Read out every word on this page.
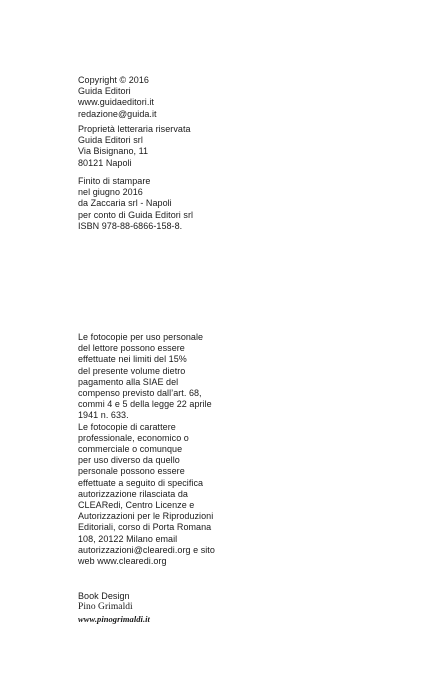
Copyright © 2016
Guida Editori
www.guidaeditori.it
redazione@guida.it
Proprietà letteraria riservata
Guida Editori srl
Via Bisignano, 11
80121 Napoli
Finito di stampare
nel giugno 2016
da Zaccaria srl - Napoli
per conto di Guida Editori srl
ISBN 978-88-6866-158-8.
Le fotocopie per uso personale
del lettore possono essere
effettuate nei limiti del 15%
del presente volume dietro
pagamento alla SIAE del
compenso previsto dall’art. 68,
commi 4 e 5 della legge 22 aprile
1941 n. 633.
Le fotocopie di carattere
professionale, economico o
commerciale o comunque
per uso diverso da quello
personale possono essere
effettuate a seguito di specifica
autorizzazione rilasciata da
CLEARedi, Centro Licenze e
Autorizzazioni per le Riproduzioni
Editoriali, corso di Porta Romana
108, 20122 Milano email
autorizzazioni@clearedi.org e sito
web www.clearedi.org
Book Design
Pino Grimaldi
www.pinogrimaldi.it
